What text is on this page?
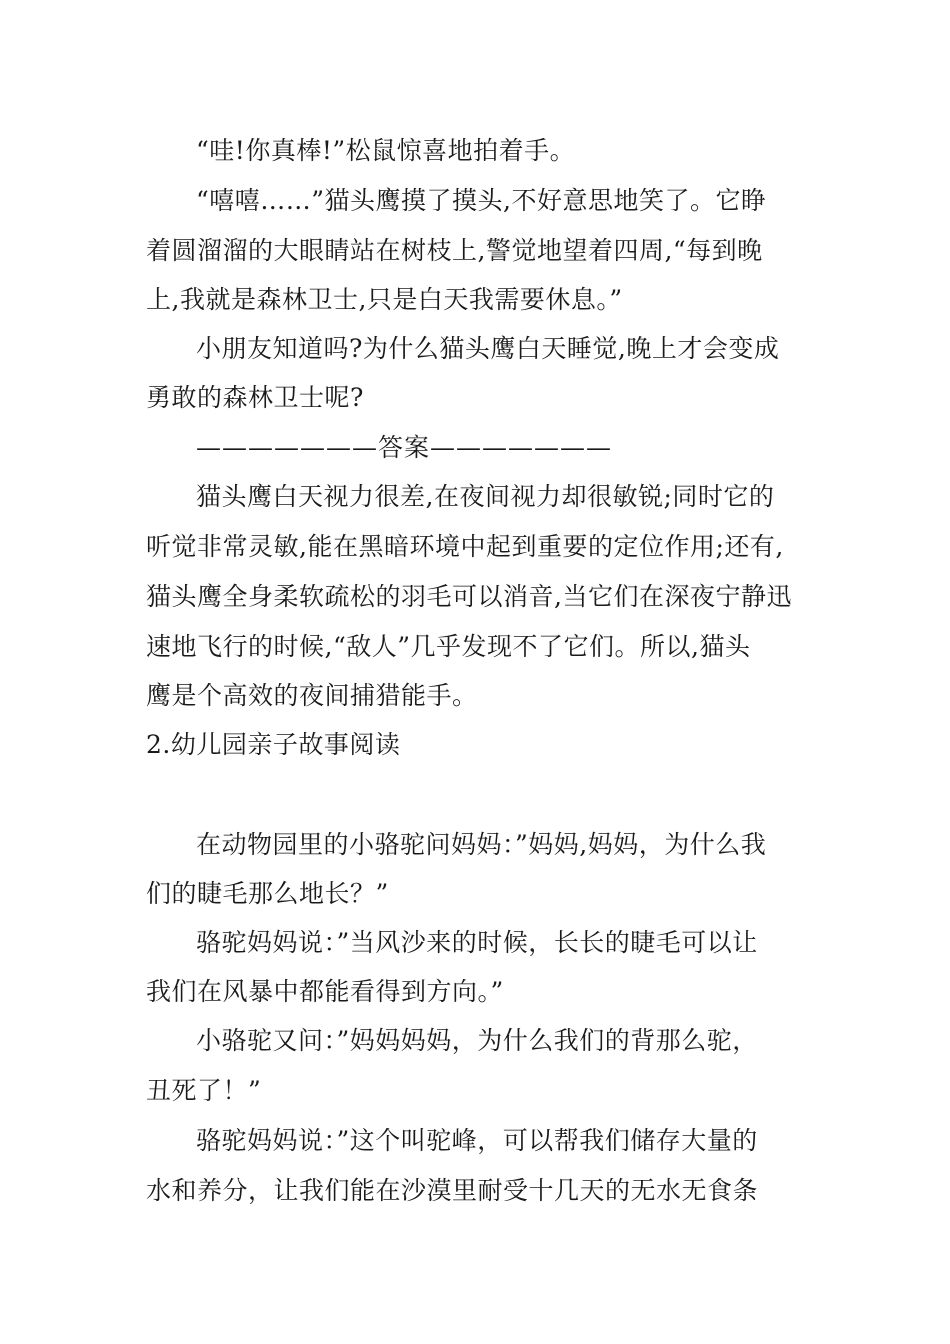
“哇!你真棒!”松鼠惊喜地拍着手。
“嘻嘻……”猫头鹰摸了摸头,不好意思地笑了。它睁
着圆溜溜的大眼睛站在树枝上,警觉地望着四周,“每到晚
上,我就是森林卫士,只是白天我需要休息。”
小朋友知道吗?为什么猫头鹰白天睡觉,晚上才会变成
勇敢的森林卫士呢?
———————答案———————
猫头鹰白天视力很差,在夜间视力却很敏锐;同时它的
听觉非常灵敏,能在黑暗环境中起到重要的定位作用;还有,
猫头鹰全身柔软疏松的羽毛可以消音,当它们在深夜宁静迅
速地飞行的时候,“敌人”几乎发现不了它们。所以,猫头
鹰是个高效的夜间捕猎能手。
2.幼儿园亲子故事阅读
在动物园里的小骆驼问妈妈：”妈妈,妈妈，为什么我
们的睫毛那么地长？”
骆驼妈妈说：”当风沙来的时候，长长的睫毛可以让
我们在风暴中都能看得到方向。”
小骆驼又问：”妈妈妈妈，为什么我们的背那么驼，
丑死了！”
骆驼妈妈说：”这个叫驼峰，可以帮我们储存大量的
水和养分，让我们能在沙漠里耐受十几天的无水无食条
